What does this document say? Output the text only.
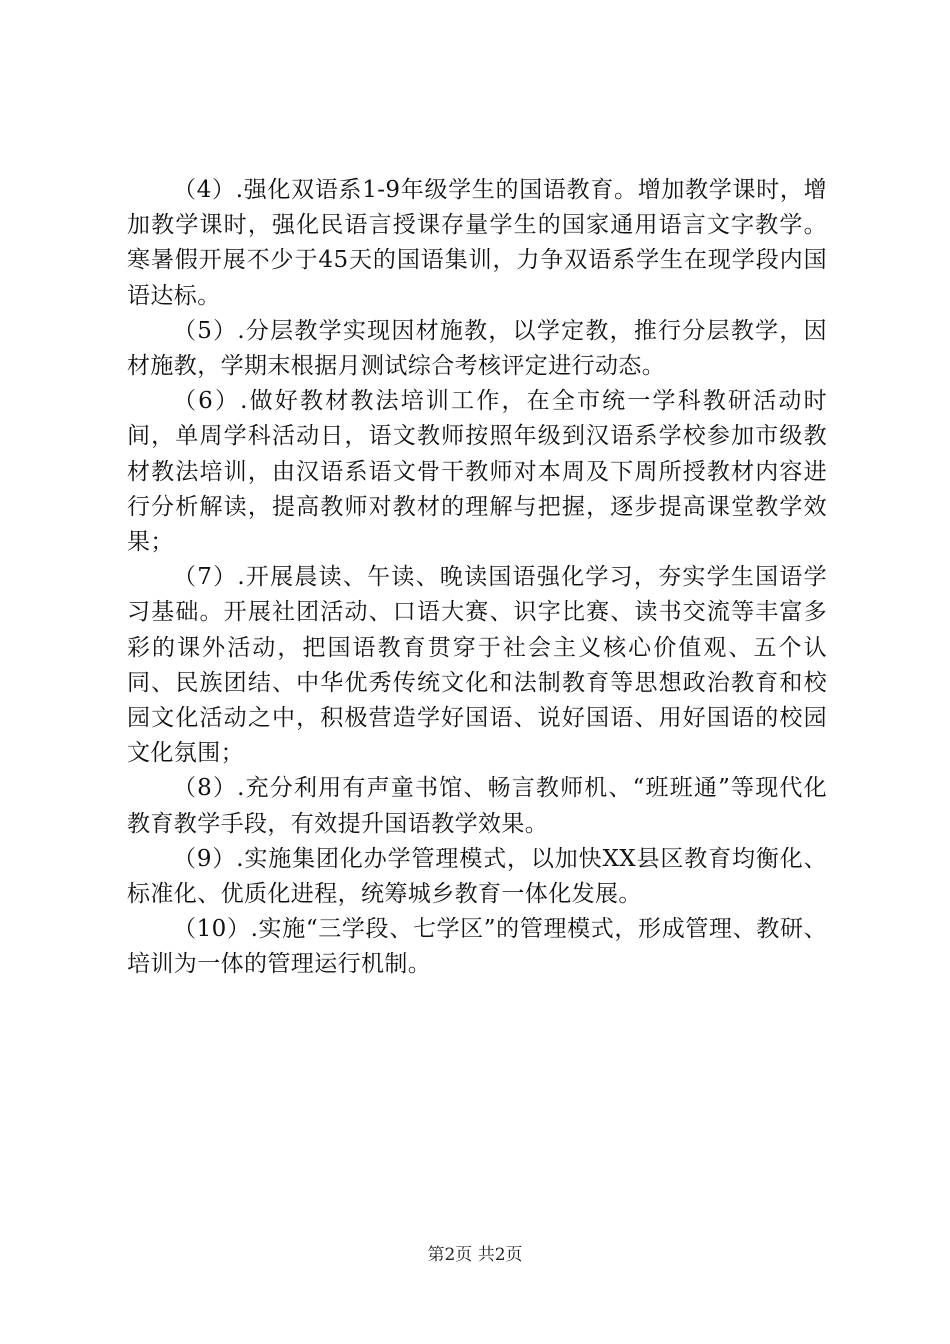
（4）.强化双语系1-9年级学生的国语教育。增加教学课时，增加教学课时，强化民语言授课存量学生的国家通用语言文字教学。寒暑假开展不少于45天的国语集训，力争双语系学生在现学段内国语达标。

（5）.分层教学实现因材施教，以学定教，推行分层教学，因材施教，学期末根据月测试综合考核评定进行动态。

（6）.做好教材教法培训工作，在全市统一学科教研活动时间，单周学科活动日，语文教师按照年级到汉语系学校参加市级教材教法培训，由汉语系语文骨干教师对本周及下周所授教材内容进行分析解读，提高教师对教材的理解与把握，逐步提高课堂教学效果；

（7）.开展晨读、午读、晚读国语强化学习，夯实学生国语学习基础。开展社团活动、口语大赛、识字比赛、读书交流等丰富多彩的课外活动，把国语教育贯穿于社会主义核心价值观、五个认同、民族团结、中华优秀传统文化和法制教育等思想政治教育和校园文化活动之中，积极营造学好国语、说好国语、用好国语的校园文化氛围；

（8）.充分利用有声童书馆、畅言教师机、“班班通”等现代化教育教学手段，有效提升国语教学效果。

（9）.实施集团化办学管理模式，以加快XX县区教育均衡化、标准化、优质化进程，统筹城乡教育一体化发展。

（10）.实施“三学段、七学区”的管理模式，形成管理、教研、培训为一体的管理运行机制。

第2页 共2页
